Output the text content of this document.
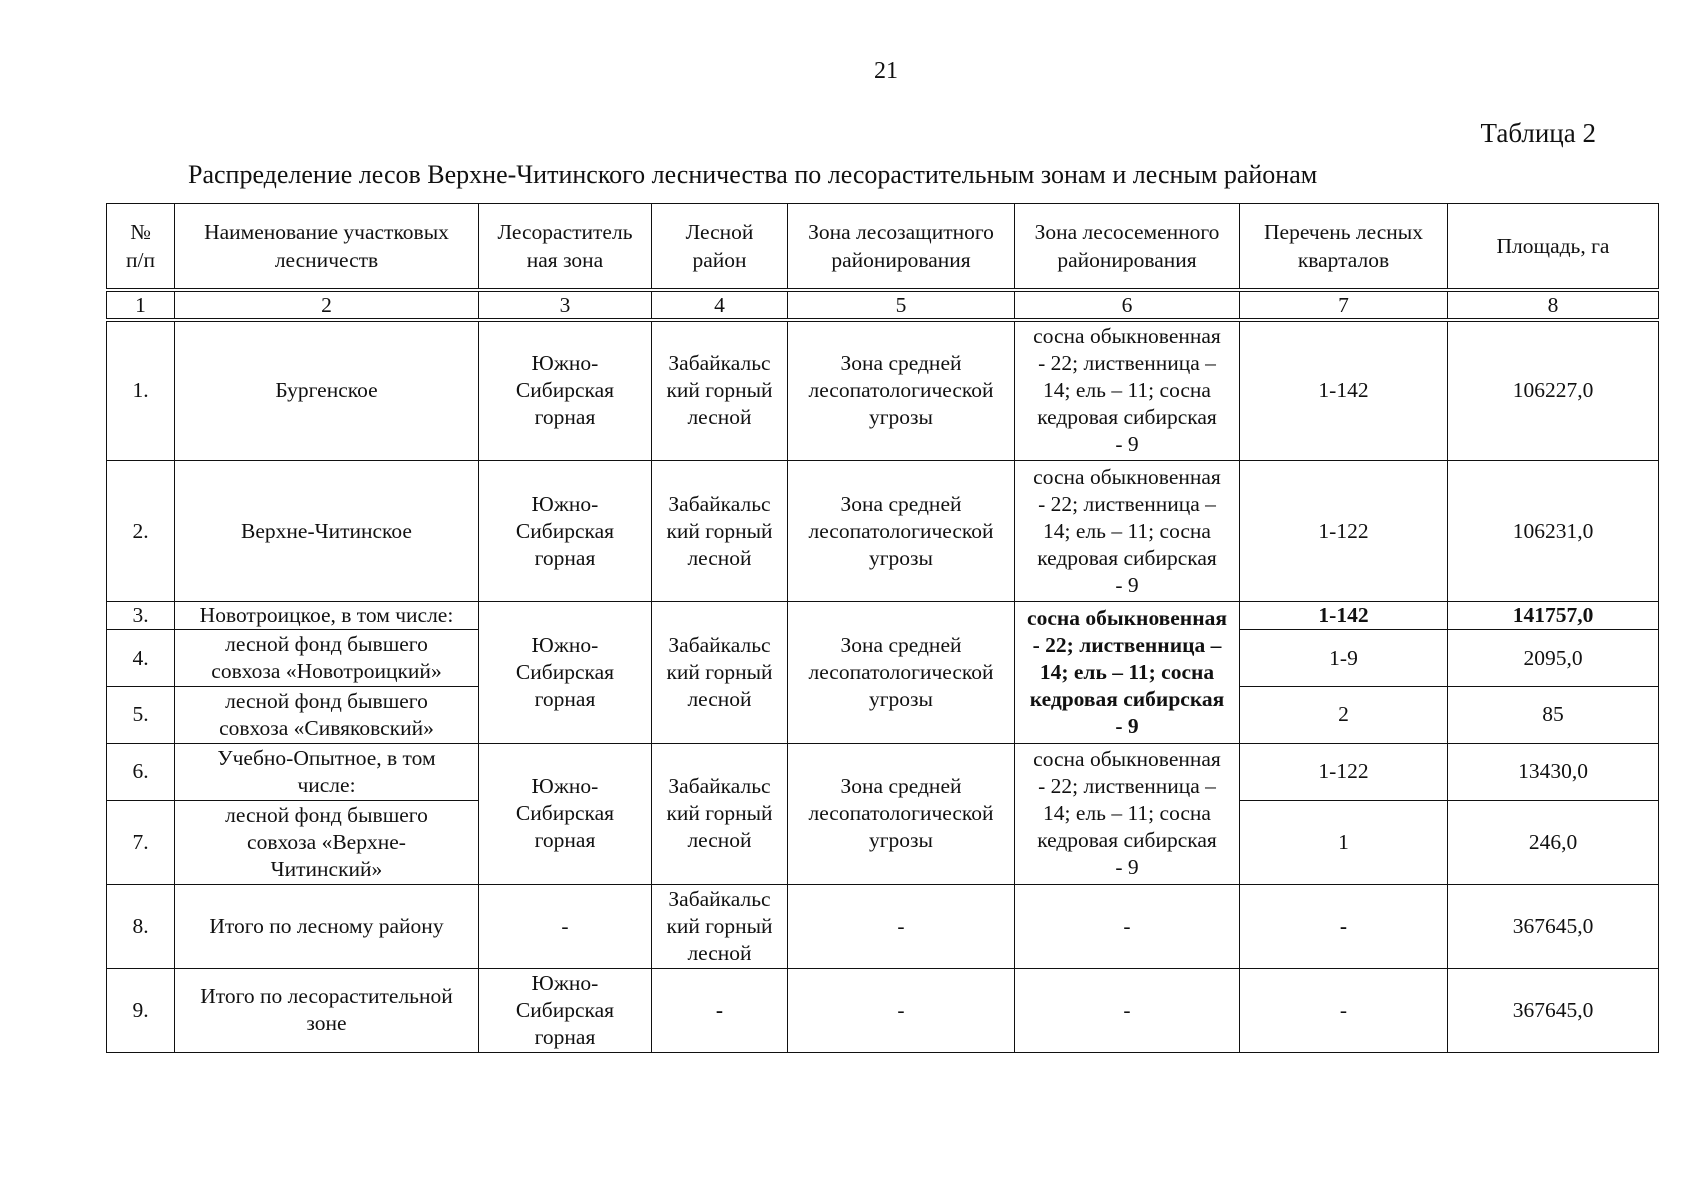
21
Таблица 2
Распределение лесов Верхне-Читинского лесничества по лесорастительным зонам и лесным районам
№
п/п	Наименование участковых
лесничеств	Лесораститель
ная зона	Лесной
район	Зона лесозащитного
районирования	Зона лесосеменного
районирования	Перечень лесных
кварталов	Площадь, га
1	2	3	4	5	6	7	8
1.	Бургенское	Южно-
Сибирская
горная	Забайкальс
кий горный
лесной	Зона средней
лесопатологической
угрозы	сосна обыкновенная
- 22; лиственница –
14; ель – 11; сосна
кедровая сибирская
- 9	1-142	106227,0
2.	Верхне-Читинское	Южно-
Сибирская
горная	Забайкальс
кий горный
лесной	Зона средней
лесопатологической
угрозы	сосна обыкновенная
- 22; лиственница –
14; ель – 11; сосна
кедровая сибирская
- 9	1-122	106231,0
3.	Новотроицкое, в том числе:	Южно-
Сибирская
горная	Забайкальс
кий горный
лесной	Зона средней
лесопатологической
угрозы	сосна обыкновенная
- 22; лиственница –
14; ель – 11; сосна
кедровая сибирская
- 9	1-142	141757,0
4.	лесной фонд бывшего
совхоза «Новотроицкий»					1-9	2095,0
5.	лесной фонд бывшего
совхоза «Сивяковский»					2	85
6.	Учебно-Опытное, в том
числе:	Южно-
Сибирская
горная	Забайкальс
кий горный
лесной	Зона средней
лесопатологической
угрозы	сосна обыкновенная
- 22; лиственница –
14; ель – 11; сосна
кедровая сибирская
- 9	1-122	13430,0
7.	лесной фонд бывшего
совхоза «Верхне-
Читинский»					1	246,0
8.	Итого по лесному району	-	Забайкальс
кий горный
лесной	-	-	-	367645,0
9.	Итого по лесорастительной
зоне	Южно-
Сибирская
горная	-	-	-	-	367645,0
